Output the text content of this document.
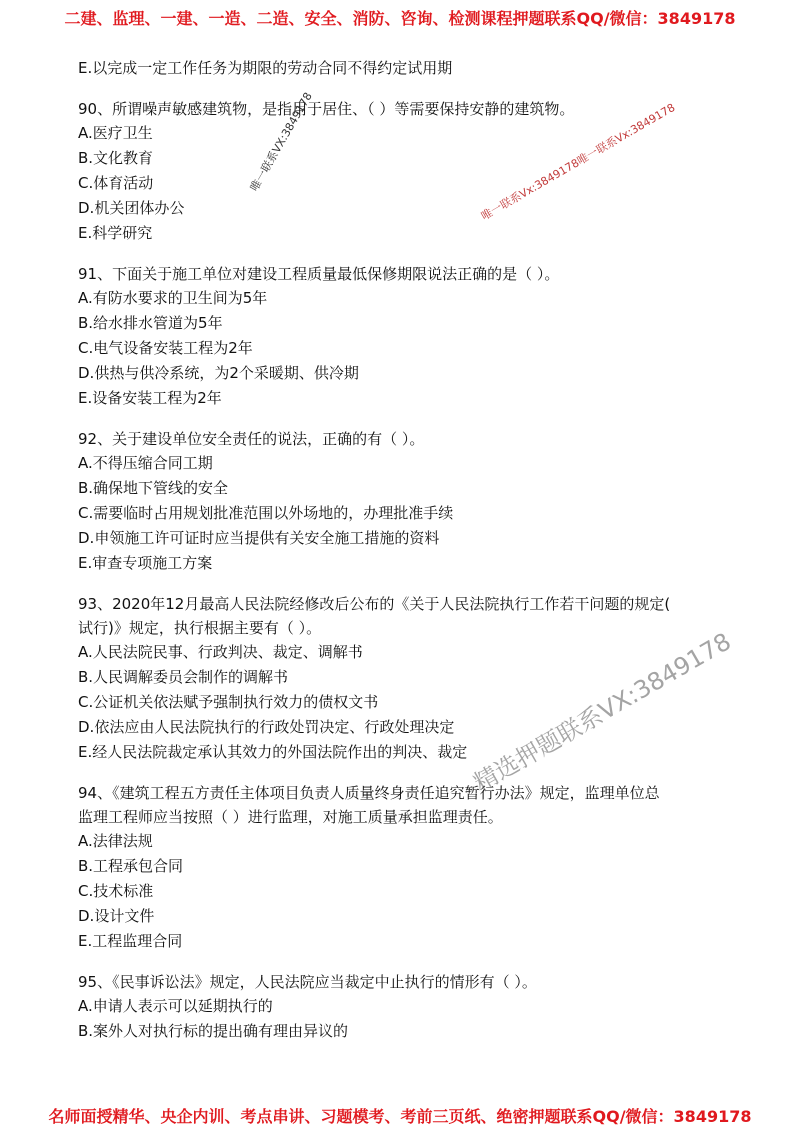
二建、监理、一建、一造、二造、安全、消防、咨询、检测课程押题联系QQ/微信：3849178
E.以完成一定工作任务为期限的劳动合同不得约定试用期
90、所谓噪声敏感建筑物，是指用于居住、（ ）等需要保持安静的建筑物。
A.医疗卫生
B.文化教育
C.体育活动
D.机关团体办公
E.科学研究
91、下面关于施工单位对建设工程质量最低保修期限说法正确的是（ ）。
A.有防水要求的卫生间为5年
B.给水排水管道为5年
C.电气设备安装工程为2年
D.供热与供冷系统，为2个采暖期、供冷期
E.设备安装工程为2年
92、关于建设单位安全责任的说法，正确的有（ ）。
A.不得压缩合同工期
B.确保地下管线的安全
C.需要临时占用规划批准范围以外场地的，办理批准手续
D.申领施工许可证时应当提供有关安全施工措施的资料
E.审查专项施工方案
93、2020年12月最高人民法院经修改后公布的《关于人民法院执行工作若干问题的规定(
试行)》规定，执行根据主要有（ ）。
A.人民法院民事、行政判决、裁定、调解书
B.人民调解委员会制作的调解书
C.公证机关依法赋予强制执行效力的债权文书
D.依法应由人民法院执行的行政处罚决定、行政处理决定
E.经人民法院裁定承认其效力的外国法院作出的判决、裁定
94、《建筑工程五方责任主体项目负责人质量终身责任追究暂行办法》规定，监理单位总
监理工程师应当按照（ ）进行监理，对施工质量承担监理责任。
A.法律法规
B.工程承包合同
C.技术标准
D.设计文件
E.工程监理合同
95、《民事诉讼法》规定，人民法院应当裁定中止执行的情形有（ ）。
A.申请人表示可以延期执行的
B.案外人对执行标的提出确有理由异议的
唯一联系VX:3849178	唯一联系Vx:3849178唯一联系Vx:3849178
精选押题联系VX:3849178
名师面授精华、央企内训、考点串讲、习题模考、考前三页纸、绝密押题联系QQ/微信：3849178
